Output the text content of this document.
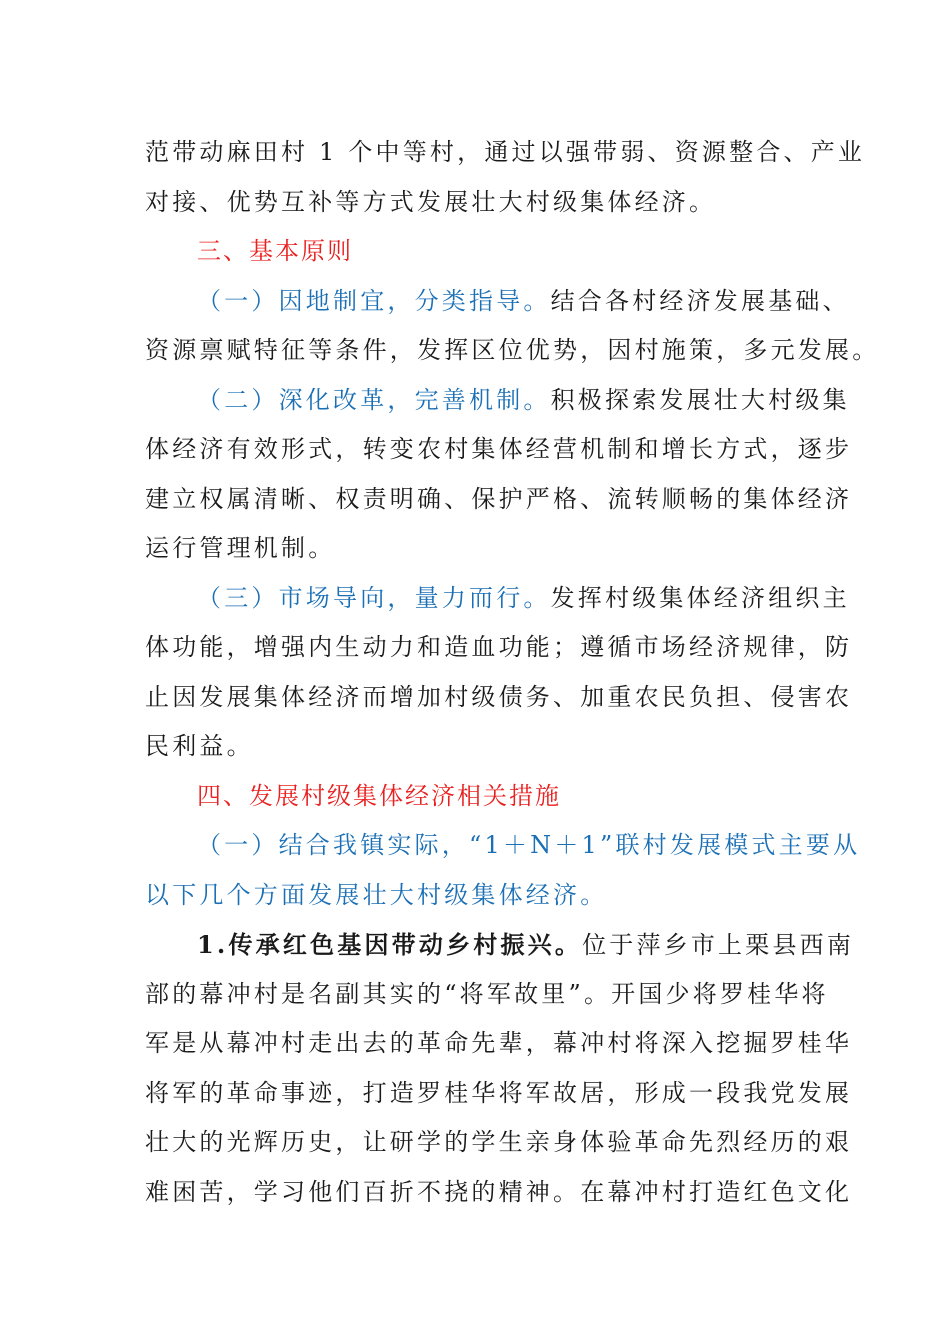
范带动麻田村 1 个中等村，通过以强带弱、资源整合、产业
对接、优势互补等方式发展壮大村级集体经济。
三、基本原则
（一）因地制宜，分类指导。结合各村经济发展基础、
资源禀赋特征等条件，发挥区位优势，因村施策，多元发展。
（二）深化改革，完善机制。积极探索发展壮大村级集
体经济有效形式，转变农村集体经营机制和增长方式，逐步
建立权属清晰、权责明确、保护严格、流转顺畅的集体经济
运行管理机制。
（三）市场导向，量力而行。发挥村级集体经济组织主
体功能，增强内生动力和造血功能；遵循市场经济规律，防
止因发展集体经济而增加村级债务、加重农民负担、侵害农
民利益。
四、发展村级集体经济相关措施
（一）结合我镇实际，“1＋N＋1”联村发展模式主要从
以下几个方面发展壮大村级集体经济。
1.传承红色基因带动乡村振兴。位于萍乡市上栗县西南
部的幕冲村是名副其实的“将军故里”。开国少将罗桂华将
军是从幕冲村走出去的革命先辈，幕冲村将深入挖掘罗桂华
将军的革命事迹，打造罗桂华将军故居，形成一段我党发展
壮大的光辉历史，让研学的学生亲身体验革命先烈经历的艰
难困苦，学习他们百折不挠的精神。在幕冲村打造红色文化
